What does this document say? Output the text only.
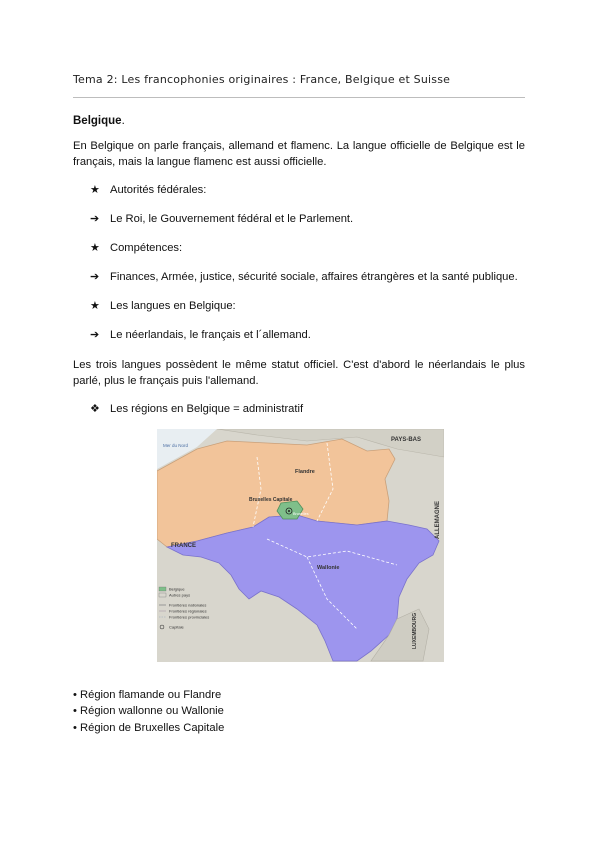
Tema 2: Les francophonies originaires : France, Belgique et Suisse
Belgique.
En Belgique on parle français, allemand et flamenc. La langue officielle de Belgique est le français, mais la langue flamenc est aussi officielle.
★ Autorités fédérales:
➔ Le Roi, le Gouvernement fédéral et le Parlement.
★ Compétences:
➔ Finances, Armée, justice, sécurité sociale, affaires étrangères et la santé publique.
★ Les langues en Belgique:
➔ Le néerlandais, le français et l´allemand.
Les trois langues possèdent le même statut officiel. C'est d'abord le néerlandais le plus parlé, plus le français puis l'allemand.
❖ Les régions en Belgique = administratif
Mer du Nord
PAYS-BAS
Flandre
Bruxelles Capitale
Bruxelles
FRANCE
Wallonie
ALLEMAGNE
LUXEMBOURG
Belgique
Autres pays
Frontières nationales
Frontières régionales
Frontières provinciales
Capitale
• Région flamande ou Flandre
• Région wallonne ou Wallonie
• Région de Bruxelles Capitale
